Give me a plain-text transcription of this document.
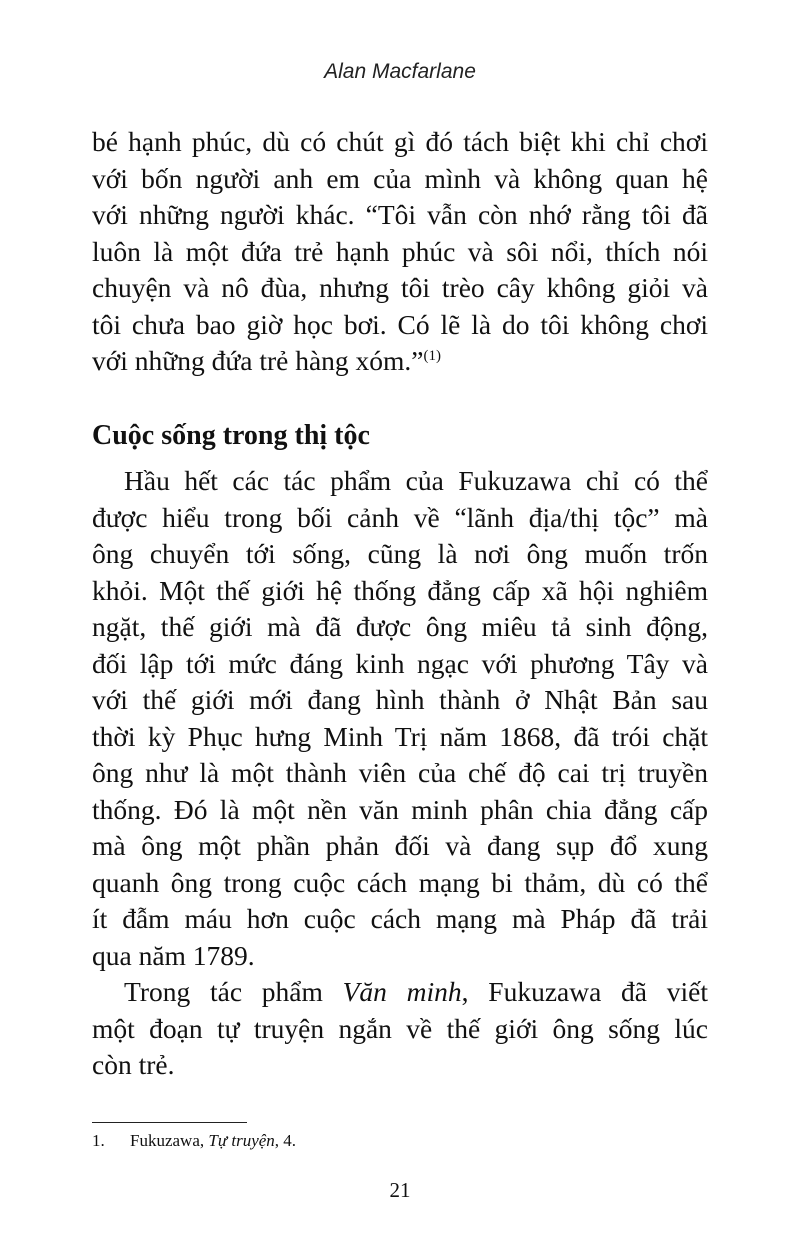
Alan Macfarlane
bé hạnh phúc, dù có chút gì đó tách biệt khi chỉ chơi
với bốn người anh em của mình và không quan hệ
với những người khác. “Tôi vẫn còn nhớ rằng tôi đã
luôn là một đứa trẻ hạnh phúc và sôi nổi, thích nói
chuyện và nô đùa, nhưng tôi trèo cây không giỏi và
tôi chưa bao giờ học bơi. Có lẽ là do tôi không chơi
với những đứa trẻ hàng xóm.”$^{(1)}$
Cuộc sống trong thị tộc
Hầu hết các tác phẩm của Fukuzawa chỉ có thể
được hiểu trong bối cảnh về “lãnh địa/thị tộc” mà
ông chuyển tới sống, cũng là nơi ông muốn trốn
khỏi. Một thế giới hệ thống đẳng cấp xã hội nghiêm
ngặt, thế giới mà đã được ông miêu tả sinh động,
đối lập tới mức đáng kinh ngạc với phương Tây và
với thế giới mới đang hình thành ở Nhật Bản sau
thời kỳ Phục hưng Minh Trị năm 1868, đã trói chặt
ông như là một thành viên của chế độ cai trị truyền
thống. Đó là một nền văn minh phân chia đẳng cấp
mà ông một phần phản đối và đang sụp đổ xung
quanh ông trong cuộc cách mạng bi thảm, dù có thể
ít đẫm máu hơn cuộc cách mạng mà Pháp đã trải
qua năm 1789.
Trong tác phẩm Văn minh, Fukuzawa đã viết
một đoạn tự truyện ngắn về thế giới ông sống lúc
còn trẻ.
1. Fukuzawa, Tự truyện, 4.
21
